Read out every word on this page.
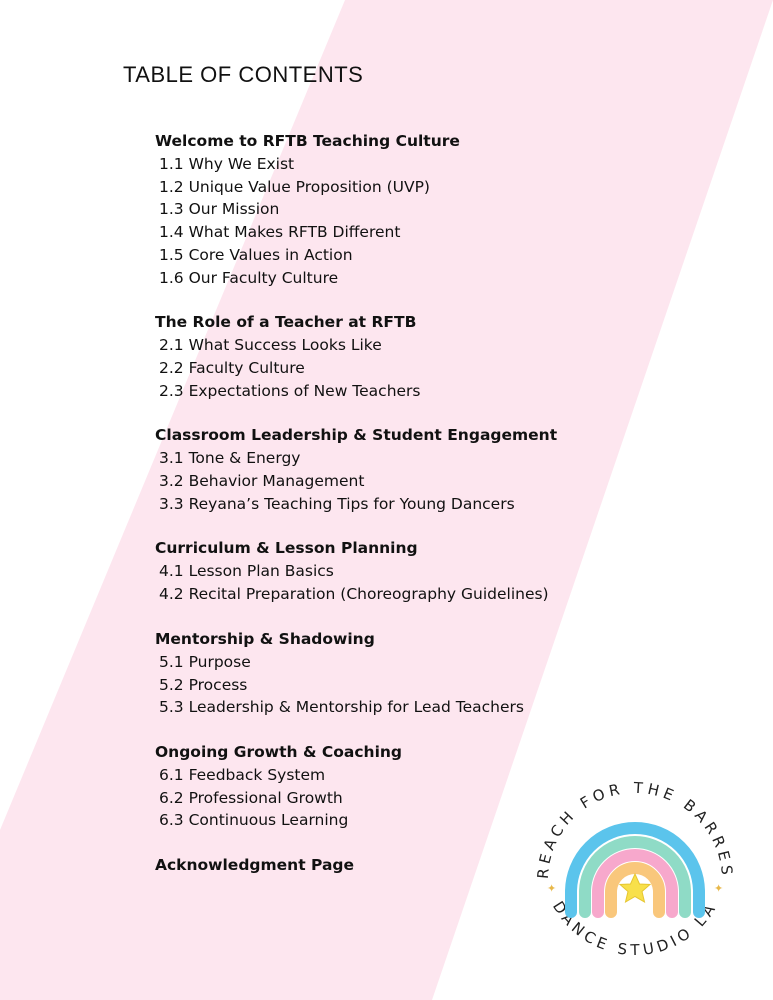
TABLE OF CONTENTS

Welcome to RFTB Teaching Culture

1.1 Why We Exist

1.2 Unique Value Proposition (UVP)

1.3 Our Mission

1.4 What Makes RFTB Different

1.5 Core Values in Action

1.6 Our Faculty Culture

The Role of a Teacher at RFTB

2.1 What Success Looks Like

2.2 Faculty Culture

2.3 Expectations of New Teachers

Classroom Leadership & Student Engagement

3.1 Tone & Energy

3.2 Behavior Management

3.3 Reyana’s Teaching Tips for Young Dancers

Curriculum & Lesson Planning

4.1 Lesson Plan Basics

4.2 Recital Preparation (Choreography Guidelines)

Mentorship & Shadowing

5.1 Purpose

5.2 Process

5.3 Leadership & Mentorship for Lead Teachers

Ongoing Growth & Coaching

6.1 Feedback System

6.2 Professional Growth

6.3 Continuous Learning

Acknowledgment Page	REACH FOR THE BARRES
DANCE STUDIO LA
✦	✦
